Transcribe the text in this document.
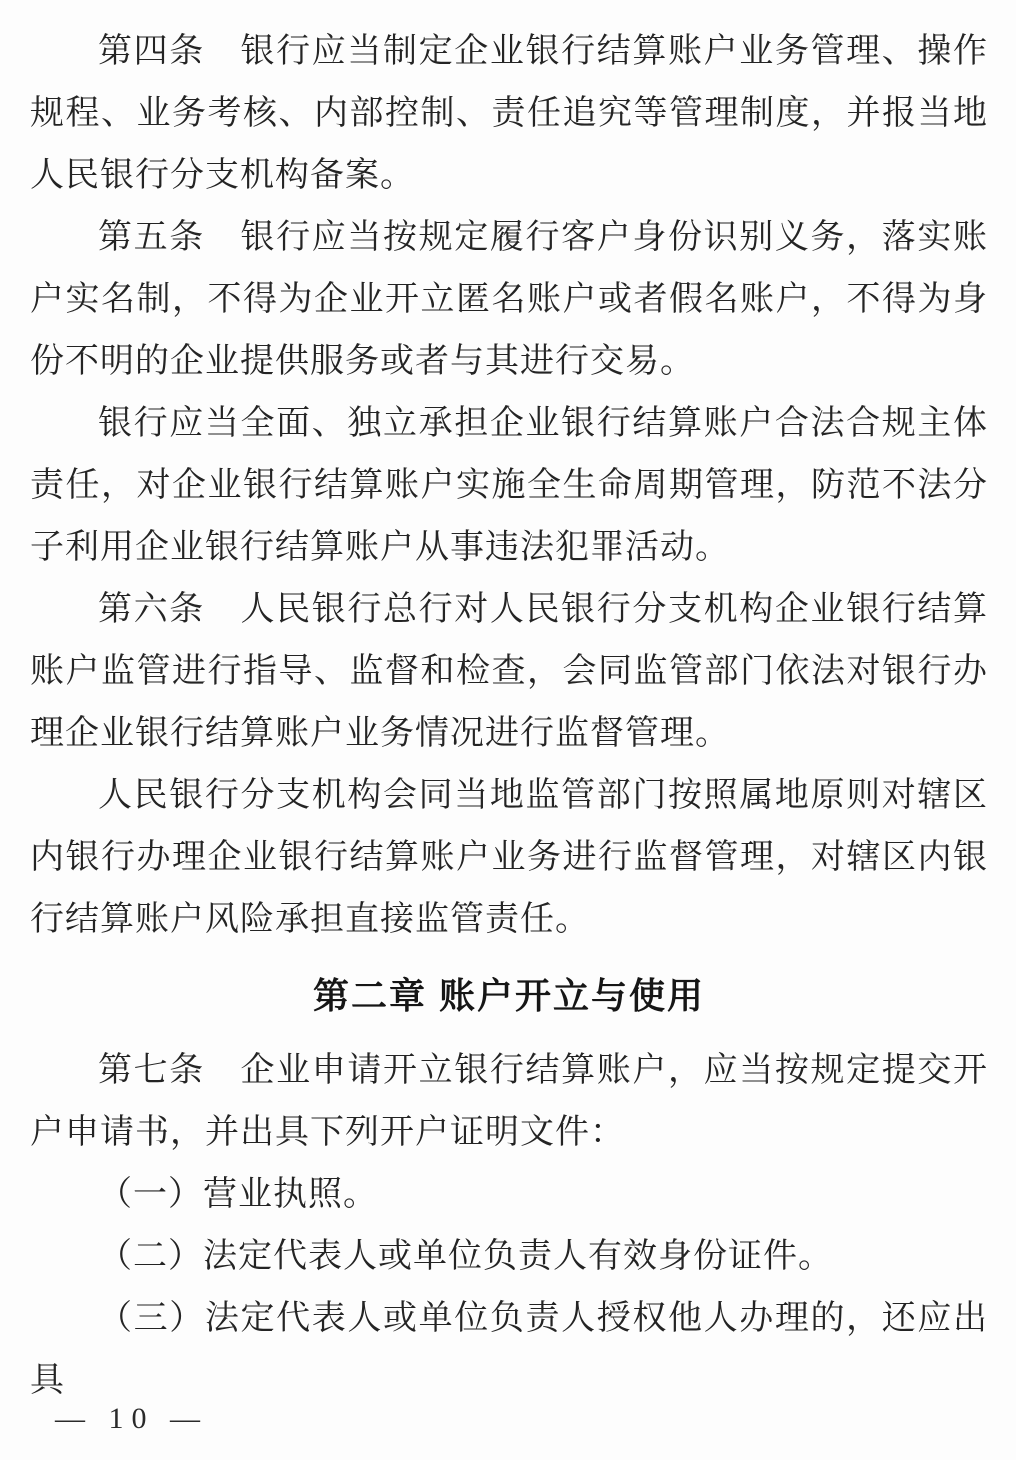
第四条　银行应当制定企业银行结算账户业务管理、操作规程、业务考核、内部控制、责任追究等管理制度，并报当地人民银行分支机构备案。

第五条　银行应当按规定履行客户身份识别义务，落实账户实名制，不得为企业开立匿名账户或者假名账户，不得为身份不明的企业提供服务或者与其进行交易。

银行应当全面、独立承担企业银行结算账户合法合规主体责任，对企业银行结算账户实施全生命周期管理，防范不法分子利用企业银行结算账户从事违法犯罪活动。

第六条　人民银行总行对人民银行分支机构企业银行结算账户监管进行指导、监督和检查，会同监管部门依法对银行办理企业银行结算账户业务情况进行监督管理。

人民银行分支机构会同当地监管部门按照属地原则对辖区内银行办理企业银行结算账户业务进行监督管理，对辖区内银行结算账户风险承担直接监管责任。

第二章 账户开立与使用

第七条　企业申请开立银行结算账户，应当按规定提交开户申请书，并出具下列开户证明文件：

（一）营业执照。

（二）法定代表人或单位负责人有效身份证件。

（三）法定代表人或单位负责人授权他人办理的，还应出具

— 10 —
